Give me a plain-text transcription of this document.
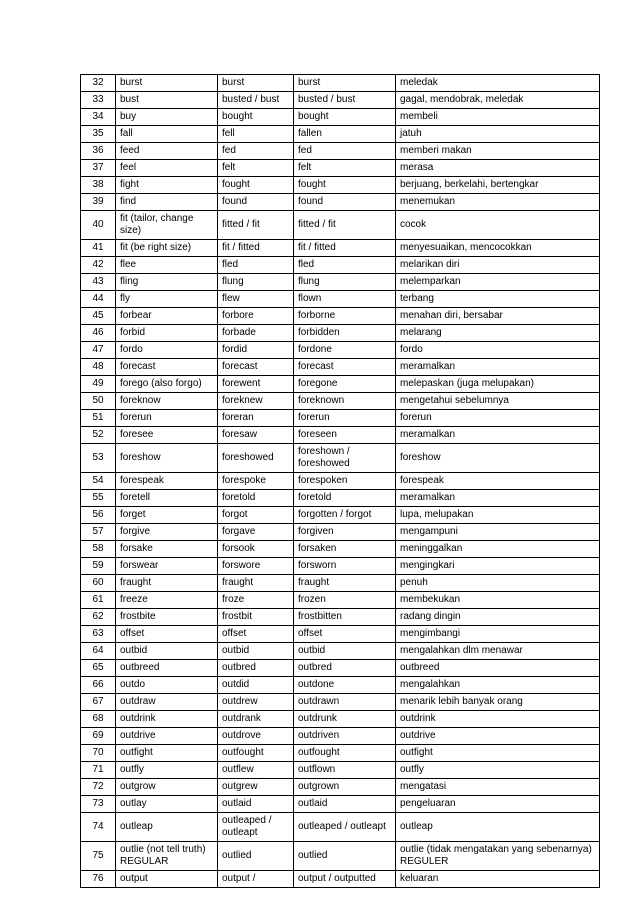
32	burst	burst	burst	meledak
33	bust	busted / bust	busted / bust	gagal, mendobrak, meledak
34	buy	bought	bought	membeli
35	fall	fell	fallen	jatuh
36	feed	fed	fed	memberi makan
37	feel	felt	felt	merasa
38	fight	fought	fought	berjuang, berkelahi, bertengkar
39	find	found	found	menemukan
40	fit (tailor, change size)	fitted / fit	fitted / fit	cocok
41	fit (be right size)	fit / fitted	fit / fitted	menyesuaikan, mencocokkan
42	flee	fled	fled	melarikan diri
43	fling	flung	flung	melemparkan
44	fly	flew	flown	terbang
45	forbear	forbore	forborne	menahan diri, bersabar
46	forbid	forbade	forbidden	melarang
47	fordo	fordid	fordone	fordo
48	forecast	forecast	forecast	meramalkan
49	forego (also forgo)	forewent	foregone	melepaskan (juga melupakan)
50	foreknow	foreknew	foreknown	mengetahui sebelumnya
51	forerun	foreran	forerun	forerun
52	foresee	foresaw	foreseen	meramalkan
53	foreshow	foreshowed	foreshown / foreshowed	foreshow
54	forespeak	forespoke	forespoken	forespeak
55	foretell	foretold	foretold	meramalkan
56	forget	forgot	forgotten / forgot	lupa, melupakan
57	forgive	forgave	forgiven	mengampuni
58	forsake	forsook	forsaken	meninggalkan
59	forswear	forswore	forsworn	mengingkari
60	fraught	fraught	fraught	penuh
61	freeze	froze	frozen	membekukan
62	frostbite	frostbit	frostbitten	radang dingin
63	offset	offset	offset	mengimbangi
64	outbid	outbid	outbid	mengalahkan dlm menawar
65	outbreed	outbred	outbred	outbreed
66	outdo	outdid	outdone	mengalahkan
67	outdraw	outdrew	outdrawn	menarik lebih banyak orang
68	outdrink	outdrank	outdrunk	outdrink
69	outdrive	outdrove	outdriven	outdrive
70	outfight	outfought	outfought	outfight
71	outfly	outflew	outflown	outfly
72	outgrow	outgrew	outgrown	mengatasi
73	outlay	outlaid	outlaid	pengeluaran
74	outleap	outleaped / outleapt	outleaped / outleapt	outleap
75	outlie (not tell truth) REGULAR	outlied	outlied	outlie (tidak mengatakan yang sebenarnya) REGULER
76	output	output /	output / outputted	keluaran
